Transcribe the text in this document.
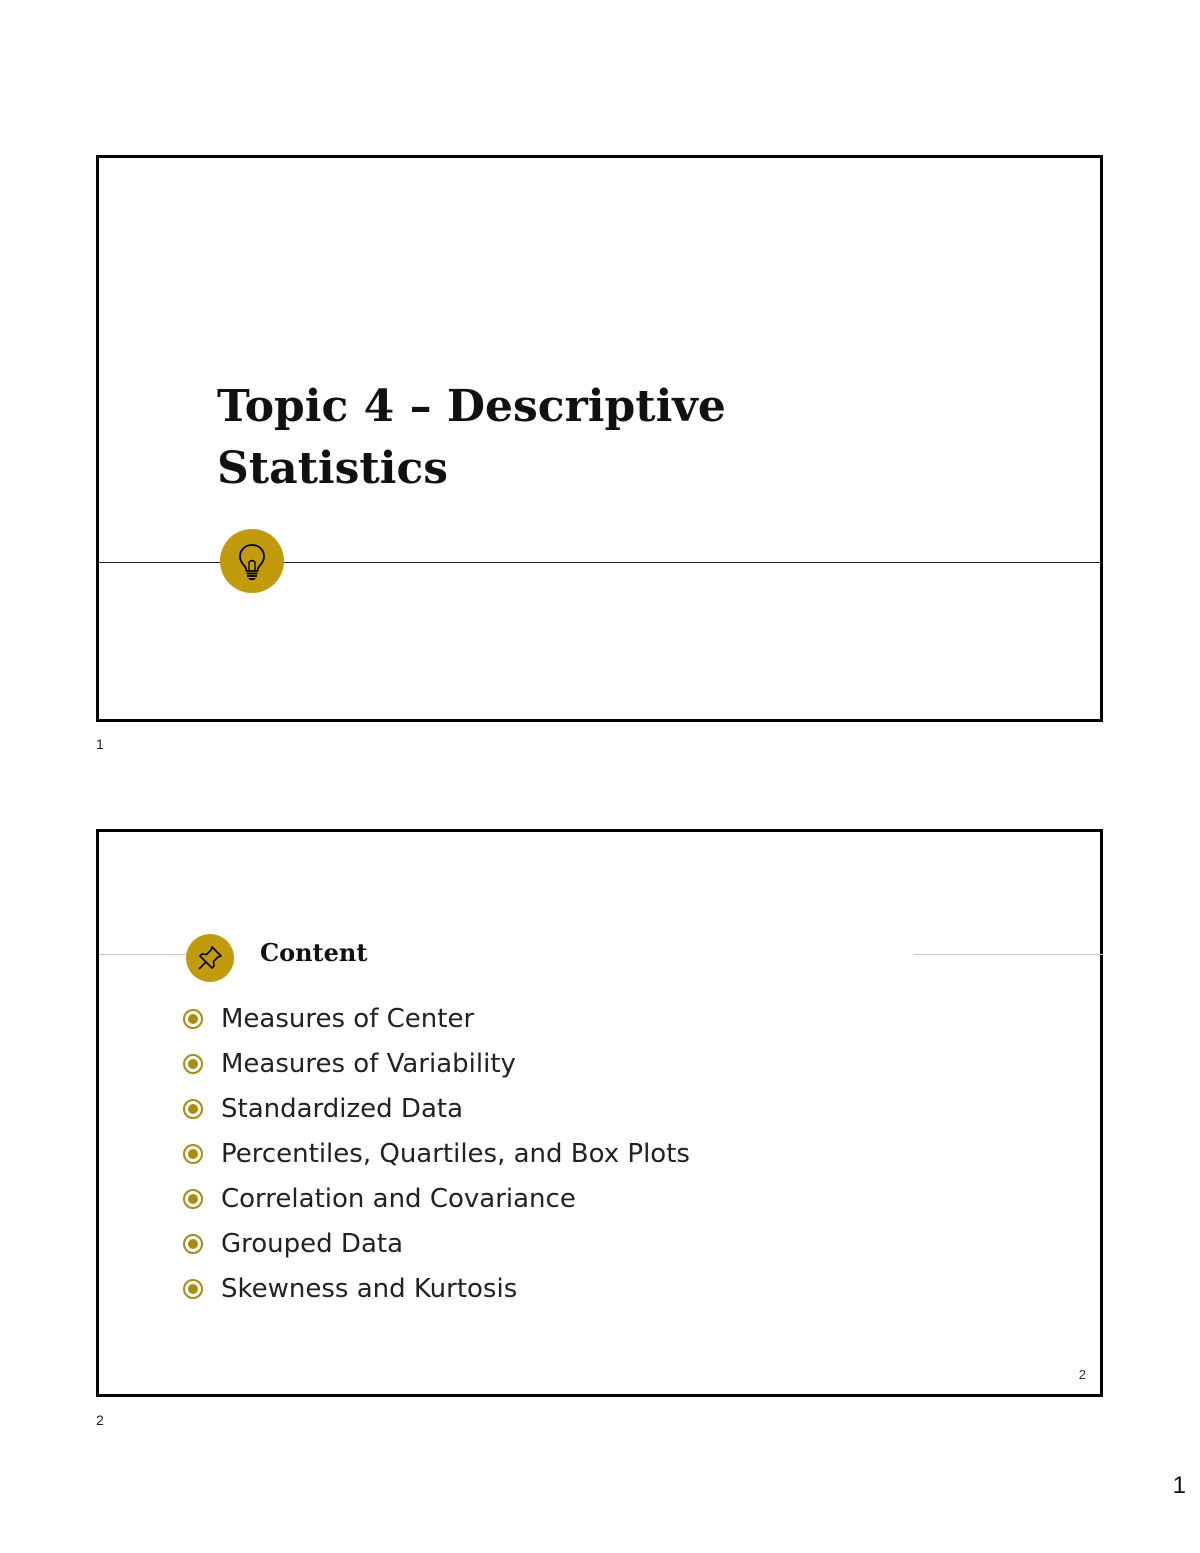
Topic 4 – Descriptive
Statistics
1
Content
Measures of Center
Measures of Variability
Standardized Data
Percentiles, Quartiles, and Box Plots
Correlation and Covariance
Grouped Data
Skewness and Kurtosis
2
2
1
